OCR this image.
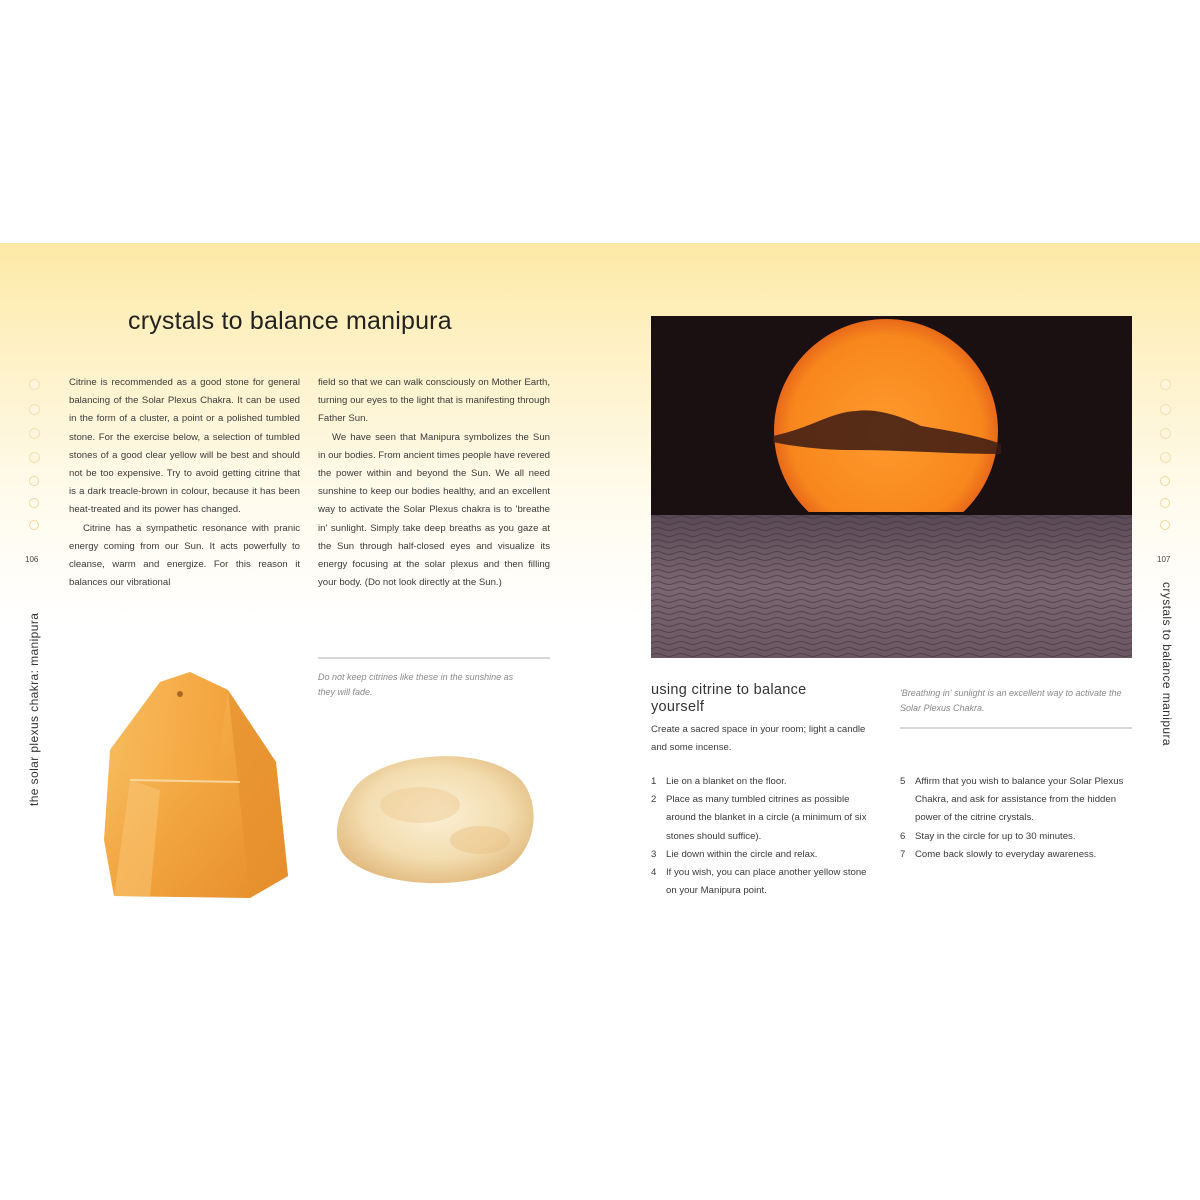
crystals to balance manipura
106
the solar plexus chakra: manipura

Citrine is recommended as a good stone for general balancing of the Solar Plexus Chakra. It can be used in the form of a cluster, a point or a polished tumbled stone. For the exercise below, a selection of tumbled stones of a good clear yellow will be best and should not be too expensive. Try to avoid getting citrine that is a dark treacle-brown in colour, because it has been heat-treated and its power has changed.

Citrine has a sympathetic resonance with pranic energy coming from our Sun. It acts powerfully to cleanse, warm and energize. For this reason it balances our vibrational

field so that we can walk consciously on Mother Earth, turning our eyes to the light that is manifesting through Father Sun.

We have seen that Manipura symbolizes the Sun in our bodies. From ancient times people have revered the power within and beyond the Sun. We all need sunshine to keep our bodies healthy, and an excellent way to activate the Solar Plexus chakra is to 'breathe in' sunlight. Simply take deep breaths as you gaze at the Sun through half-closed eyes and visualize its energy focusing at the solar plexus and then filling your body. (Do not look directly at the Sun.)

Do not keep citrines like these in the sunshine as they will fade.	using citrine to balance yourself
Create a sacred space in your room; light a candle and some incense.
'Breathing in' sunlight is an excellent way to activate the Solar Plexus Chakra.
1 Lie on a blanket on the floor.
2 Place as many tumbled citrines as possible around the blanket in a circle (a minimum of six stones should suffice).
3 Lie down within the circle and relax.
4 If you wish, you can place another yellow stone on your Manipura point.
5 Affirm that you wish to balance your Solar Plexus Chakra, and ask for assistance from the hidden power of the citrine crystals.
6 Stay in the circle for up to 30 minutes.
7 Come back slowly to everyday awareness.
107
crystals to balance manipura
